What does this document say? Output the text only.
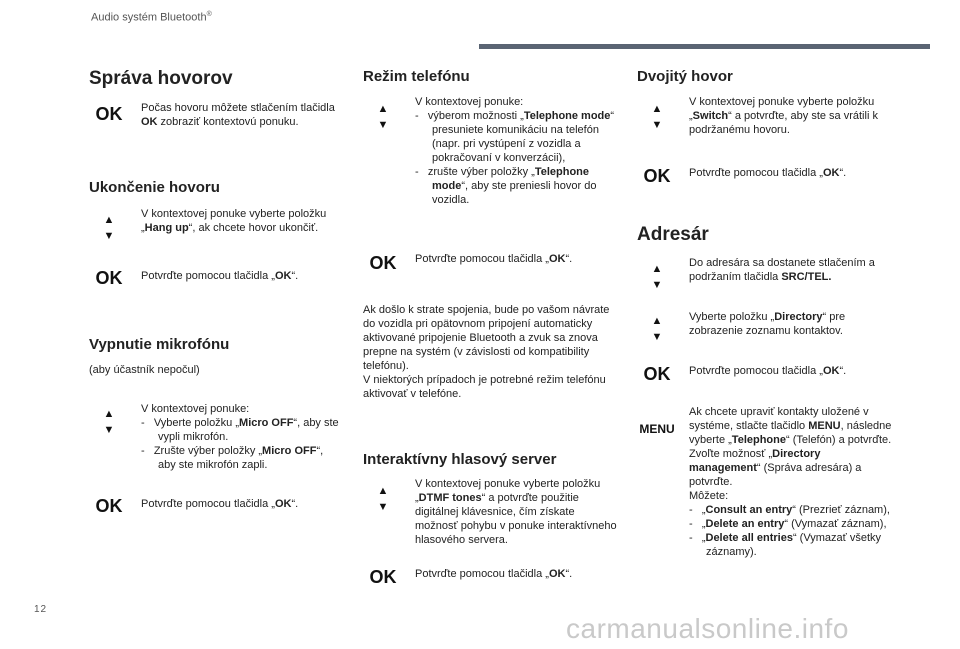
Audio systém Bluetooth®
Správa hovorov
OK	Počas hovoru môžete stlačením tlačidla OK zobraziť kontextovú ponuku.
Ukončenie hovoru
▲
▼
V kontextovej ponuke vyberte položku „Hang up“, ak chcete hovor ukončiť.
OK	Potvrďte pomocou tlačidla „OK“.
Vypnutie mikrofónu
(aby účastník nepočul)
▲
▼
V kontextovej ponuke:
-   Vyberte položku „Micro OFF“, aby ste vypli mikrofón.
-   Zrušte výber položky „Micro OFF“, aby ste mikrofón zapli.
OK	Potvrďte pomocou tlačidla „OK“.
Režim telefónu
▲
▼
V kontextovej ponuke:
-   výberom možnosti „Telephone mode“ presuniete komunikáciu na telefón (napr. pri vystúpení z vozidla a pokračovaní v konverzácii),
-   zrušte výber položky „Telephone mode“, aby ste preniesli hovor do vozidla.
OK	Potvrďte pomocou tlačidla „OK“.
Ak došlo k strate spojenia, bude po vašom návrate do vozidla pri opätovnom pripojení automaticky aktivované pripojenie Bluetooth a zvuk sa znova prepne na systém (v závislosti od kompatibility telefónu).
V niektorých prípadoch je potrebné režim telefónu aktivovať v telefóne.
Interaktívny hlasový server
▲
▼
V kontextovej ponuke vyberte položku „DTMF tones“ a potvrďte použitie digitálnej klávesnice, čím získate možnosť pohybu v ponuke interaktívneho hlasového servera.
OK	Potvrďte pomocou tlačidla „OK“.
Dvojitý hovor
▲
▼
V kontextovej ponuke vyberte položku „Switch“ a potvrďte, aby ste sa vrátili k podržanému hovoru.
OK	Potvrďte pomocou tlačidla „OK“.
Adresár
▲
▼
Do adresára sa dostanete stlačením a podržaním tlačidla SRC/TEL.
▲
▼
Vyberte položku „Directory“ pre zobrazenie zoznamu kontaktov.
OK	Potvrďte pomocou tlačidla „OK“.
MENU
Ak chcete upraviť kontakty uložené v systéme, stlačte tlačidlo MENU, následne vyberte „Telephone“ (Telefón) a potvrďte.
Zvoľte možnosť „Directory management“ (Správa adresára) a potvrďte.
Môžete:
-   „Consult an entry“ (Prezrieť záznam),
-   „Delete an entry“ (Vymazať záznam),
-   „Delete all entries“ (Vymazať všetky záznamy).
12
carmanualsonline.info
